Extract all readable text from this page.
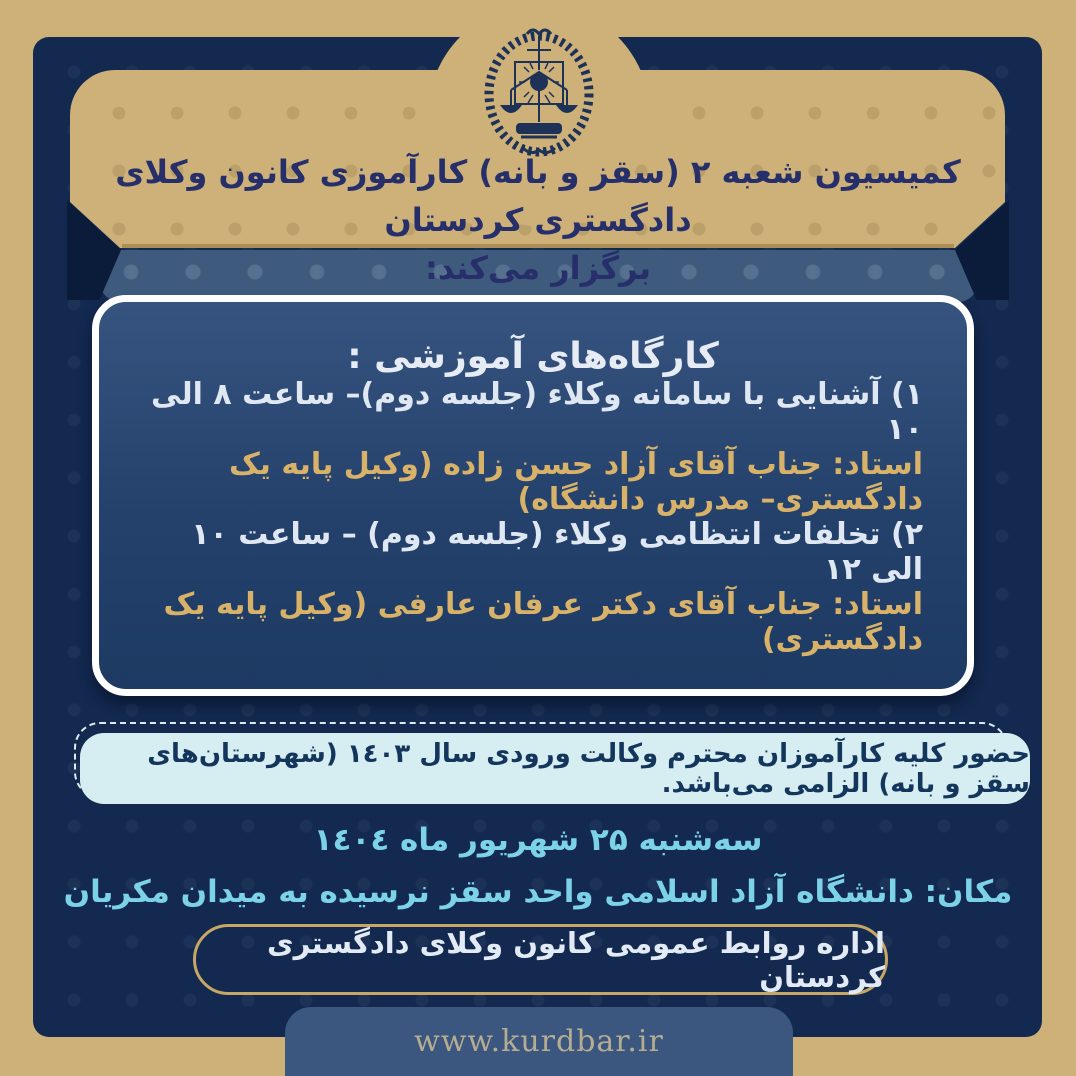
کمیسیون شعبه ۲ (سقز و بانه) کارآموزی کانون وکلای دادگستری کردستان
برگزار می‌کند:
کارگاه‌های آموزشی :
۱) آشنایی با سامانه وکلاء (جلسه دوم)– ساعت ۸ الی ۱۰
استاد: جناب آقای آزاد حسن زاده (وکیل پایه یک دادگستری– مدرس دانشگاه)
۲) تخلفات انتظامی وکلاء (جلسه دوم) – ساعت ۱۰ الی ۱۲
استاد: جناب آقای دکتر عرفان عارفی (وکیل پایه یک دادگستری)
حضور کلیه کارآموزان محترم وکالت ورودی سال ۱٤۰۳ (شهرستان‌های سقز و بانه) الزامی می‌باشد.
سه‌شنبه ۲۵ شهریور ماه ۱٤۰٤
مکان: دانشگاه آزاد اسلامی واحد سقز نرسیده به میدان مکریان
اداره روابط عمومی کانون وکلای دادگستری کردستان
www.kurdbar.ir
